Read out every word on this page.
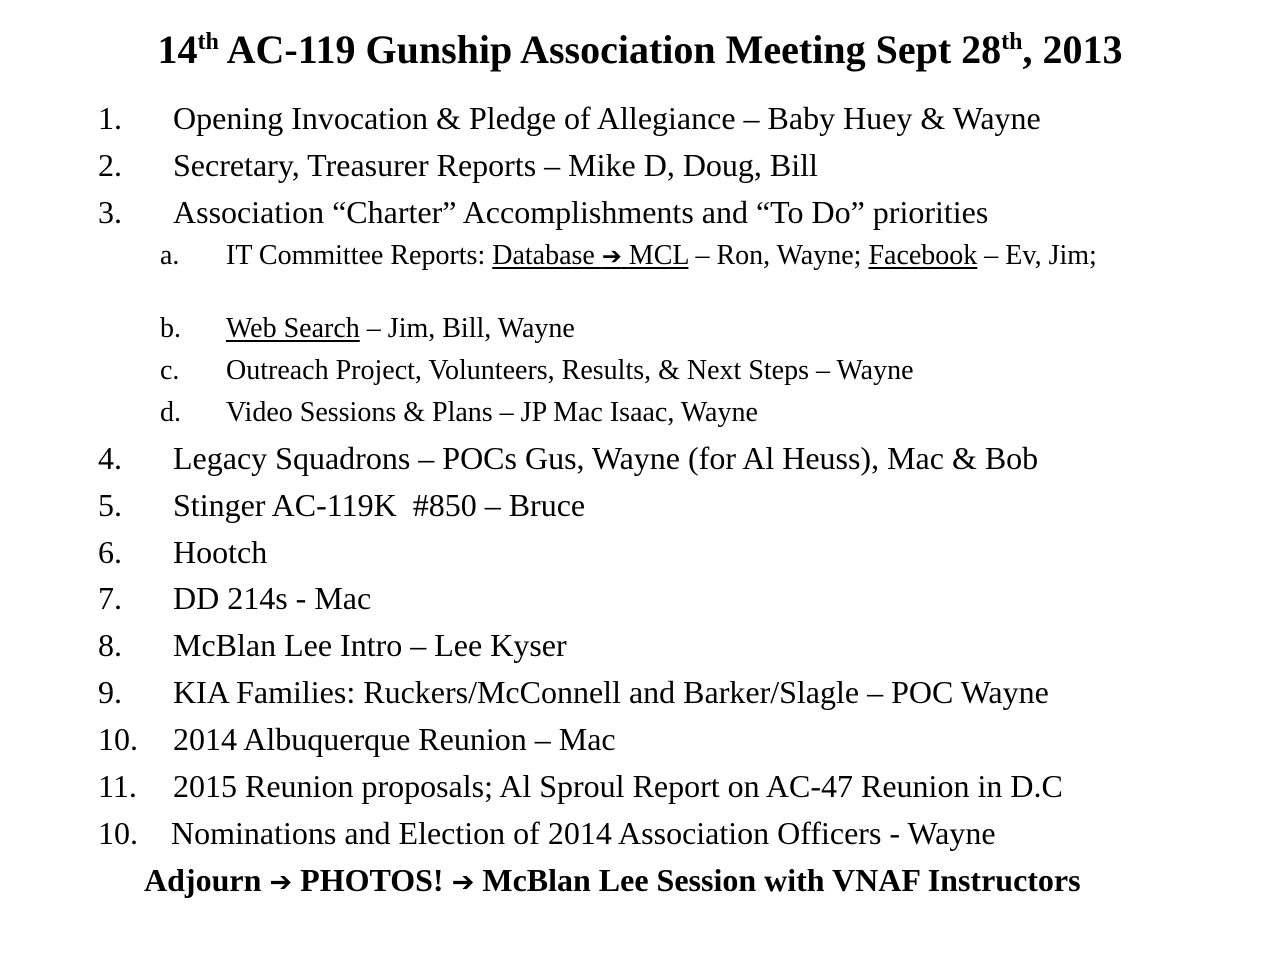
14th AC-119 Gunship Association Meeting Sept 28th, 2013
1. Opening Invocation & Pledge of Allegiance – Baby Huey & Wayne
2. Secretary, Treasurer Reports – Mike D, Doug, Bill
3. Association “Charter” Accomplishments and “To Do” priorities
a. IT Committee Reports: Database ➔ MCL – Ron, Wayne; Facebook – Ev, Jim;
b. Web Search – Jim, Bill, Wayne
c. Outreach Project, Volunteers, Results, & Next Steps – Wayne
d. Video Sessions & Plans – JP Mac Isaac, Wayne
4. Legacy Squadrons – POCs Gus, Wayne (for Al Heuss), Mac & Bob
5. Stinger AC-119K  #850 – Bruce
6. Hootch
7. DD 214s - Mac
8. McBlan Lee Intro – Lee Kyser
9. KIA Families: Ruckers/McConnell and Barker/Slagle – POC Wayne
10. 2014 Albuquerque Reunion – Mac
11. 2015 Reunion proposals; Al Sproul Report on AC-47 Reunion in D.C
10. Nominations and Election of 2014 Association Officers - Wayne
Adjourn ➔ PHOTOS! ➔ McBlan Lee Session with VNAF Instructors
